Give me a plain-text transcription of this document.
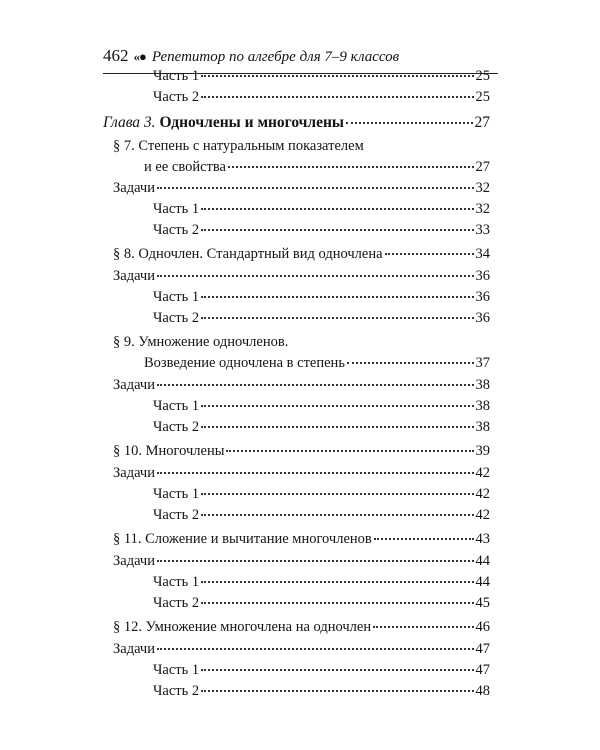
462 «● Репетитор по алгебре для 7–9 классов
Часть 1	25
Часть 2	25
Глава 3. Одночлены и многочлены	27
§ 7. Степень с натуральным показателем
и ее свойства	27
Задачи	32
Часть 1	32
Часть 2	33
§ 8. Одночлен. Стандартный вид одночлена	34
Задачи	36
Часть 1	36
Часть 2	36
§ 9. Умножение одночленов.
Возведение одночлена в степень	37
Задачи	38
Часть 1	38
Часть 2	38
§ 10. Многочлены	39
Задачи	42
Часть 1	42
Часть 2	42
§ 11. Сложение и вычитание многочленов	43
Задачи	44
Часть 1	44
Часть 2	45
§ 12. Умножение многочлена на одночлен	46
Задачи	47
Часть 1	47
Часть 2	48
